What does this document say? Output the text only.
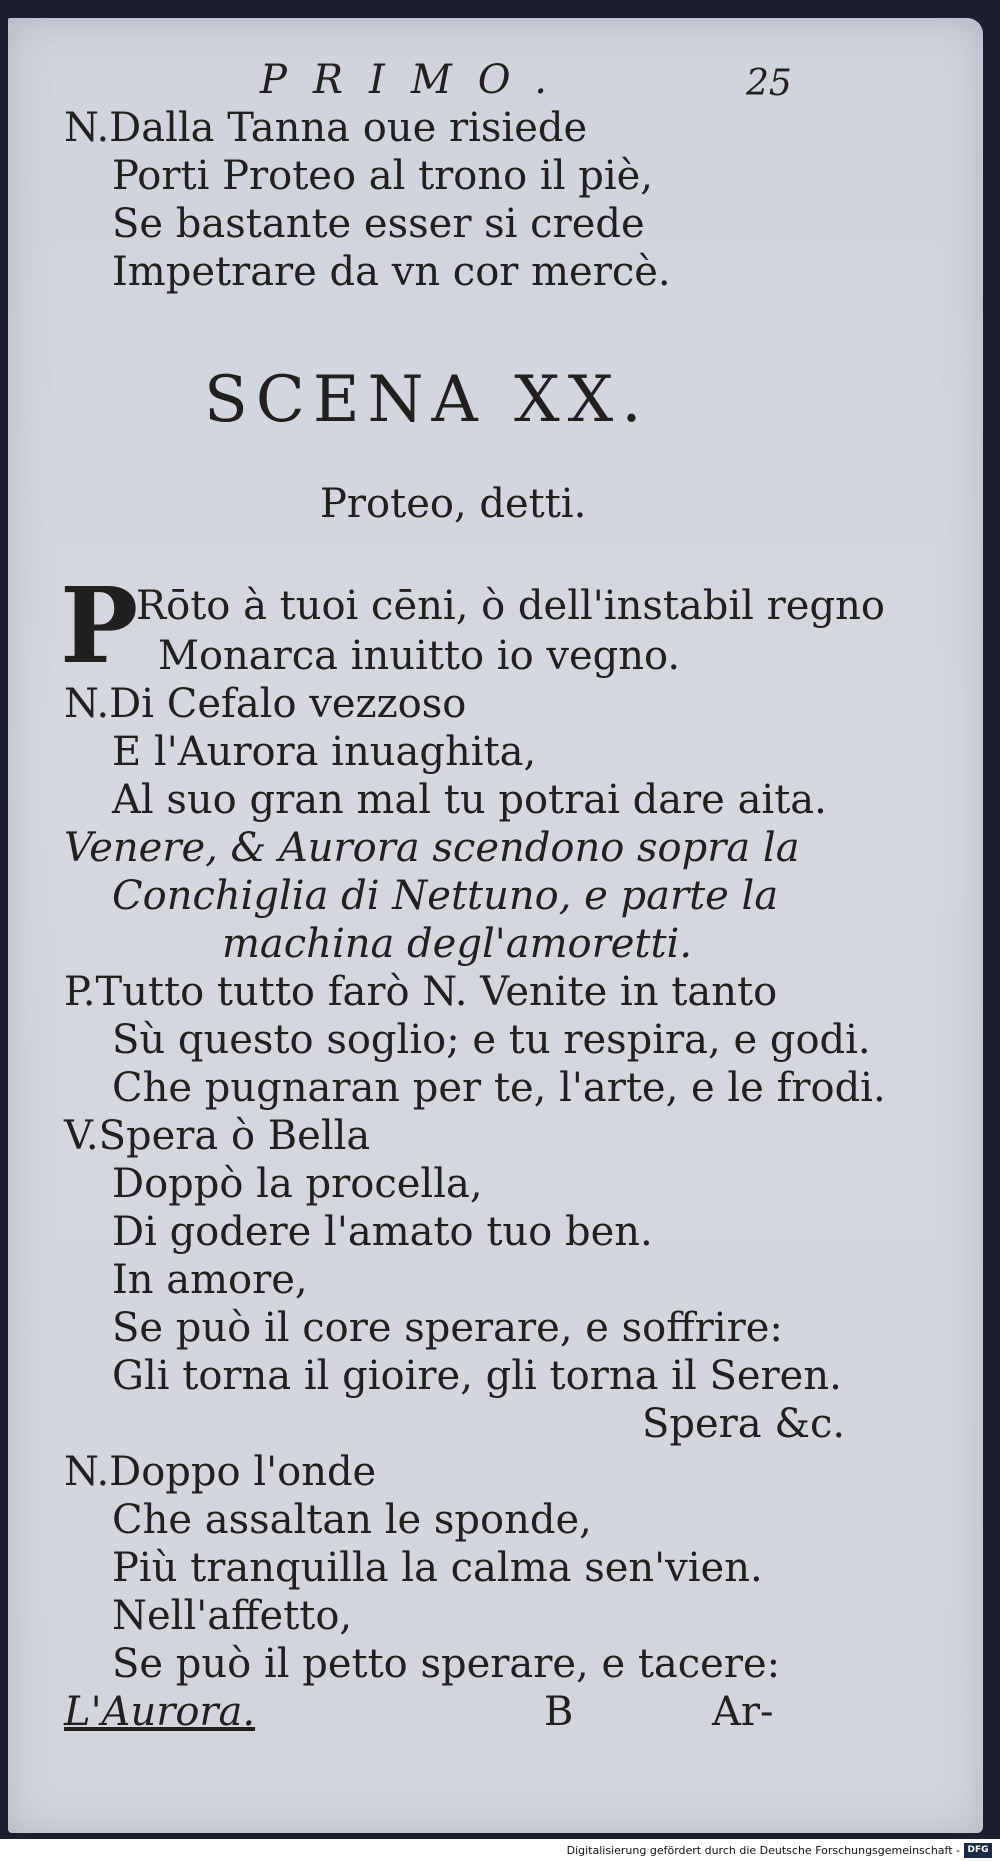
PRIMO.	25
N.Dalla Tanna oue risiede
Porti Proteo al trono il piè,
Se bastante esser si crede
Impetrare da vn cor mercè.
SCENA XX.
Proteo, detti.
P
Rōto à tuoi cēni, ò dell'instabil regno
Monarca inuitto io vegno.
N.Di Cefalo vezzoso
E l'Aurora inuaghita,
Al suo gran mal tu potrai dare aita.
Venere, & Aurora scendono sopra la
Conchiglia di Nettuno, e parte la
machina degl'amoretti.
P.Tutto tutto farò N. Venite in tanto
Sù questo soglio; e tu respira, e godi.
Che pugnaran per te, l'arte, e le frodi.
V.Spera ò Bella
Doppò la procella,
Di godere l'amato tuo ben.
In amore,
Se può il core sperare, e soffrire:
Gli torna il gioire, gli torna il Seren.
Spera &c.
N.Doppo l'onde
Che assaltan le sponde,
Più tranquilla la calma sen'vien.
Nell'affetto,
Se può il petto sperare, e tacere:
L'Aurora.	B	Ar-
Digitalisierung gefördert durch die Deutsche Forschungsgemeinschaft - DFG
